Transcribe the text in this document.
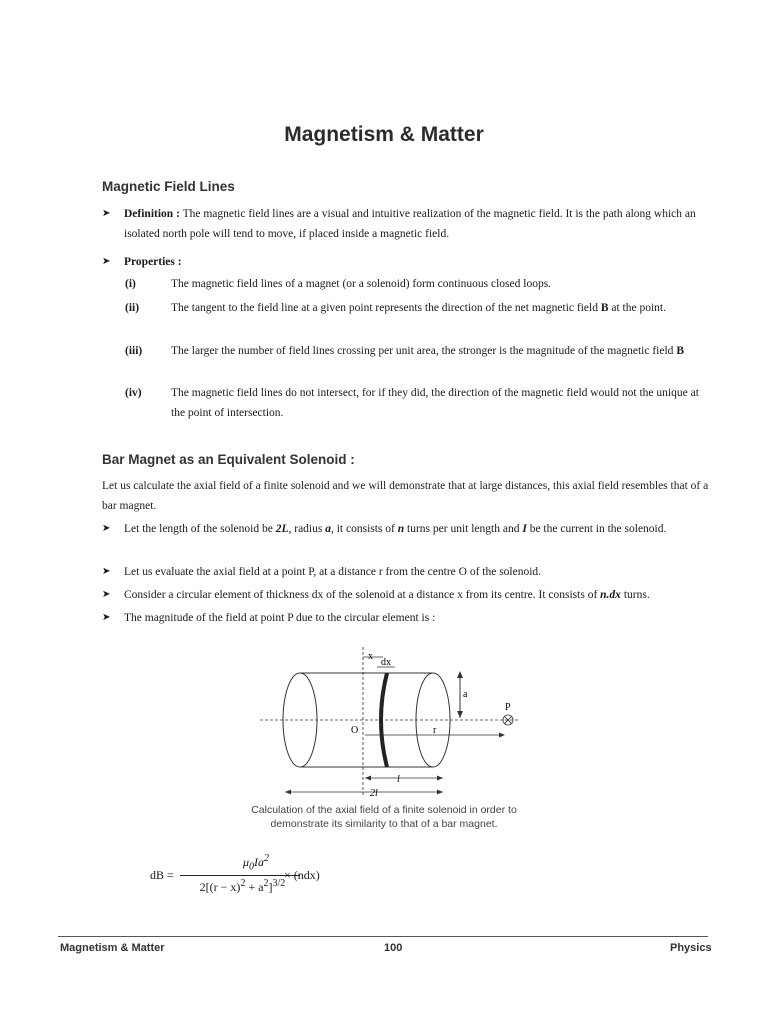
Magnetism & Matter
Magnetic Field Lines
➤ Definition : The magnetic field lines are a visual and intuitive realization of the magnetic field. It is the path along which an isolated north pole will tend to move, if placed inside a magnetic field.
➤ Properties :
(i)	The magnetic field lines of a magnet (or a solenoid) form continuous closed loops.
(ii)	The tangent to the field line at a given point represents the direction of the net magnetic field B at the point.
(iii)	The larger the number of field lines crossing per unit area, the stronger is the magnitude of the magnetic field B
(iv)	The magnetic field lines do not intersect, for if they did, the direction of the magnetic field would not the unique at the point of intersection.
Bar Magnet as an Equivalent Solenoid :
Let us calculate the axial field of a finite solenoid and we will demonstrate that at large distances, this axial field resembles that of a bar magnet.
➤ Let the length of the solenoid be 2L, radius a, it consists of n turns per unit length and I be the current in the solenoid.
➤ Let us evaluate the axial field at a point P, at a distance r from the centre O of the solenoid.
➤ Consider a circular element of thickness dx of the solenoid at a distance x from its centre. It consists of n.dx turns.
➤ The magnitude of the field at point P due to the circular element is :
x
dx
a
P
O	r
l
2l
Calculation of the axial field of a finite solenoid in order to
demonstrate its similarity to that of a bar magnet.
dB =
$\mu_0Ia^2$
$2[(r - x)^2 + a^2]^{3/2}$
× (ndx)
Magnetism & Matter	100	Physics
